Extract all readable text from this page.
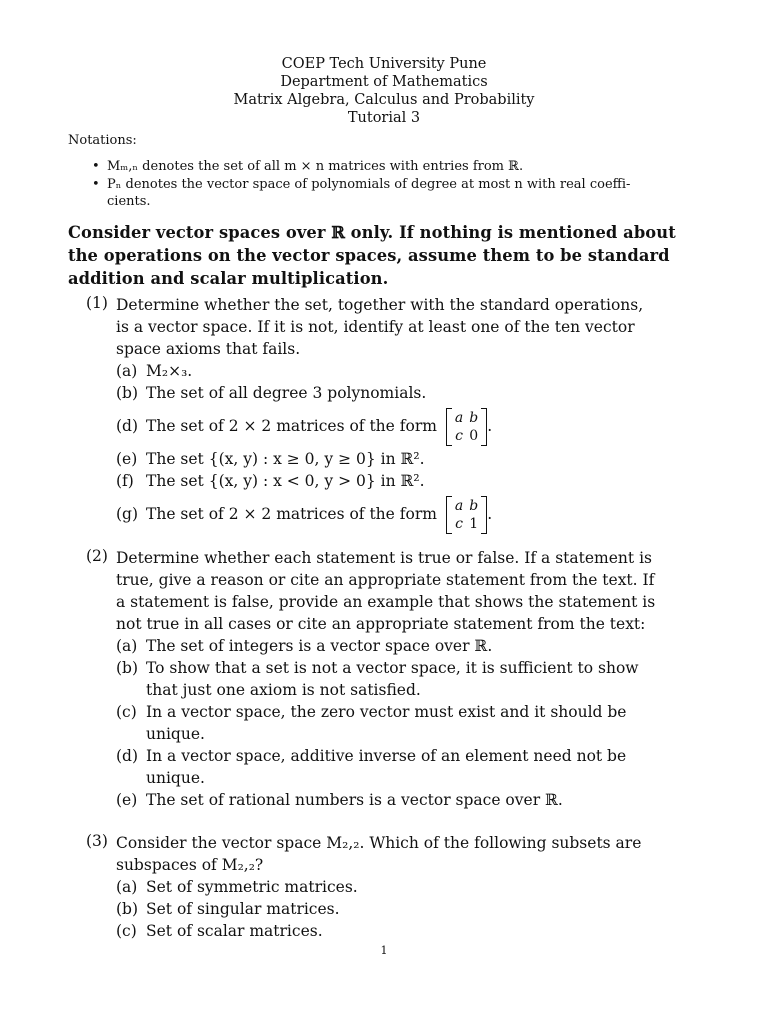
COEP Tech University Pune
Department of Mathematics
Matrix Algebra, Calculus and Probability
Tutorial 3
Notations:
• Mₘ,ₙ denotes the set of all m × n matrices with entries from ℝ.
• Pₙ denotes the vector space of polynomials of degree at most n with real coeffi-
cients.
Consider vector spaces over ℝ only. If nothing is mentioned about
the operations on the vector spaces, assume them to be standard
addition and scalar multiplication.
(1) Determine whether the set, together with the standard operations,
is a vector space. If it is not, identify at least one of the ten vector
space axioms that fails.
(a) M₂×₃.
(b) The set of all degree 3 polynomials.
(d) The set of 2 × 2 matrices of the form a	b
c	0
.
(e) The set {(x, y) : x ≥ 0, y ≥ 0} in ℝ².
(f) The set {(x, y) : x < 0, y > 0} in ℝ².
(g) The set of 2 × 2 matrices of the form a	b
c	1
.
(2) Determine whether each statement is true or false. If a statement is
true, give a reason or cite an appropriate statement from the text. If
a statement is false, provide an example that shows the statement is
not true in all cases or cite an appropriate statement from the text:
(a) The set of integers is a vector space over ℝ.
(b) To show that a set is not a vector space, it is sufficient to show
that just one axiom is not satisfied.
(c) In a vector space, the zero vector must exist and it should be
unique.
(d) In a vector space, additive inverse of an element need not be
unique.
(e) The set of rational numbers is a vector space over ℝ.
(3) Consider the vector space M₂,₂. Which of the following subsets are
subspaces of M₂,₂?
(a) Set of symmetric matrices.
(b) Set of singular matrices.
(c) Set of scalar matrices.
1
